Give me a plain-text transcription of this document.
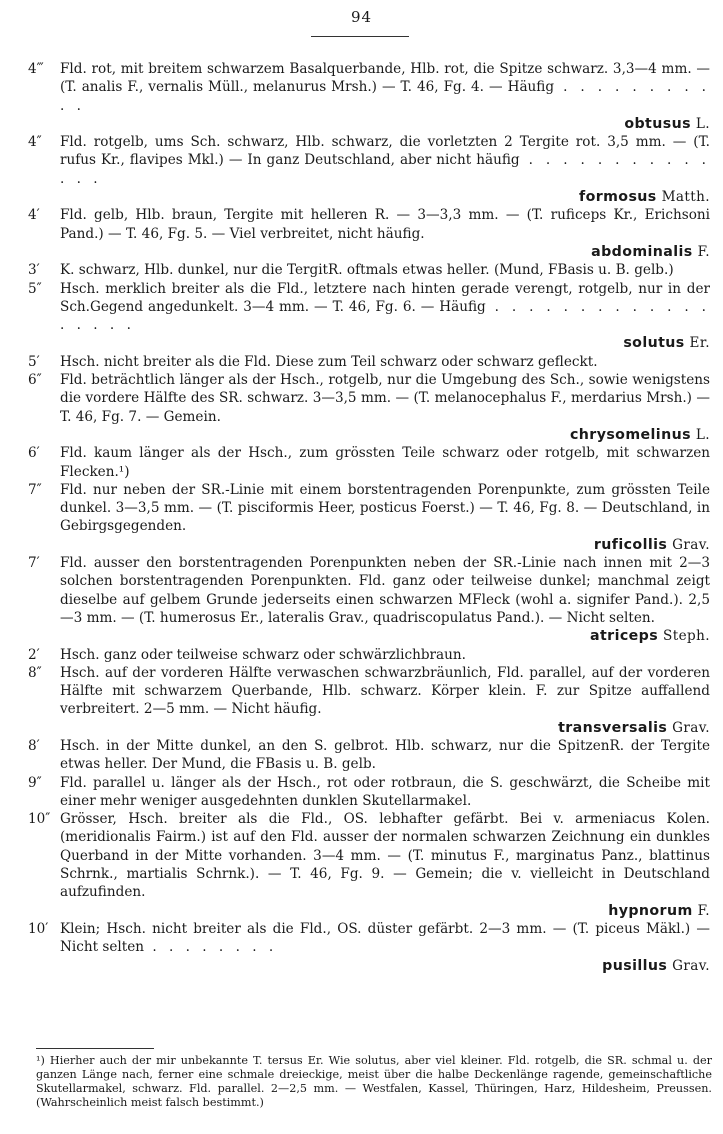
94
4‴	Fld. rot, mit breitem schwarzem Basalquerbande, Hlb. rot, die Spitze schwarz. 3,3—4 mm. — (T. analis F., vernalis Müll., melanurus Mrsh.) — T. 46, Fg. 4. — Häufig . . . . . . . . . . .
obtusus L.
4″	Fld. rotgelb, ums Sch. schwarz, Hlb. schwarz, die vorletzten 2 Tergite rot. 3,5 mm. — (T. rufus Kr., flavipes Mkl.) — In ganz Deutschland, aber nicht häufig . . . . . . . . . . . . . .
formosus Matth.
4′	Fld. gelb, Hlb. braun, Tergite mit helleren R. — 3—3,3 mm. — (T. ruficeps Kr., Erichsoni Pand.) — T. 46, Fg. 5. — Viel verbreitet, nicht häufig.
abdominalis F.
3′	K. schwarz, Hlb. dunkel, nur die TergitR. oftmals etwas heller. (Mund, FBasis u. B. gelb.)
5″	Hsch. merklich breiter als die Fld., letztere nach hinten gerade verengt, rotgelb, nur in der Sch.Gegend angedunkelt. 3—4 mm. — T. 46, Fg. 6. — Häufig . . . . . . . . . . . . . . . . . .
solutus Er.
5′	Hsch. nicht breiter als die Fld. Diese zum Teil schwarz oder schwarz gefleckt.
6″	Fld. beträchtlich länger als der Hsch., rotgelb, nur die Umgebung des Sch., sowie wenigstens die vordere Hälfte des SR. schwarz. 3—3,5 mm. — (T. melanocephalus F., merdarius Mrsh.) — T. 46, Fg. 7. — Gemein.
chrysomelinus L.
6′	Fld. kaum länger als der Hsch., zum grössten Teile schwarz oder rotgelb, mit schwarzen Flecken.¹)
7″	Fld. nur neben der SR.-Linie mit einem borstentragenden Porenpunkte, zum grössten Teile dunkel. 3—3,5 mm. — (T. pisciformis Heer, posticus Foerst.) — T. 46, Fg. 8. — Deutschland, in Gebirgsgegenden.
ruficollis Grav.
7′	Fld. ausser den borstentragenden Porenpunkten neben der SR.-Linie nach innen mit 2—3 solchen borstentragenden Porenpunkten. Fld. ganz oder teilweise dunkel; manchmal zeigt dieselbe auf gelbem Grunde jederseits einen schwarzen MFleck (wohl a. signifer Pand.). 2,5—3 mm. — (T. humerosus Er., lateralis Grav., quadriscopulatus Pand.). — Nicht selten.
atriceps Steph.
2′	Hsch. ganz oder teilweise schwarz oder schwärzlichbraun.
8″	Hsch. auf der vorderen Hälfte verwaschen schwarzbräunlich, Fld. parallel, auf der vorderen Hälfte mit schwarzem Querbande, Hlb. schwarz. Körper klein. F. zur Spitze auffallend verbreitert. 2—5 mm. — Nicht häufig.
transversalis Grav.
8′	Hsch. in der Mitte dunkel, an den S. gelbrot. Hlb. schwarz, nur die SpitzenR. der Tergite etwas heller. Der Mund, die FBasis u. B. gelb.
9″	Fld. parallel u. länger als der Hsch., rot oder rotbraun, die S. geschwärzt, die Scheibe mit einer mehr weniger ausgedehnten dunklen Skutellarmakel.
10″ Grösser, Hsch. breiter als die Fld., OS. lebhafter gefärbt. Bei v. armeniacus Kolen. (meridionalis Fairm.) ist auf den Fld. ausser der normalen schwarzen Zeichnung ein dunkles Querband in der Mitte vorhanden. 3—4 mm. — (T. minutus F., marginatus Panz., blattinus Schrnk., martialis Schrnk.). — T. 46, Fg. 9. — Gemein; die v. vielleicht in Deutschland aufzufinden.
hypnorum F.
10′ Klein; Hsch. nicht breiter als die Fld., OS. düster gefärbt. 2—3 mm. — (T. piceus Mäkl.) — Nicht selten . . . . . . . .
pusillus Grav.
¹) Hierher auch der mir unbekannte T. tersus Er. Wie solutus, aber viel kleiner. Fld. rotgelb, die SR. schmal u. der ganzen Länge nach, ferner eine schmale dreieckige, meist über die halbe Deckenlänge ragende, gemeinschaftliche Skutellarmakel, schwarz. Fld. parallel. 2—2,5 mm. — Westfalen, Kassel, Thüringen, Harz, Hildesheim, Preussen. (Wahrscheinlich meist falsch bestimmt.)
